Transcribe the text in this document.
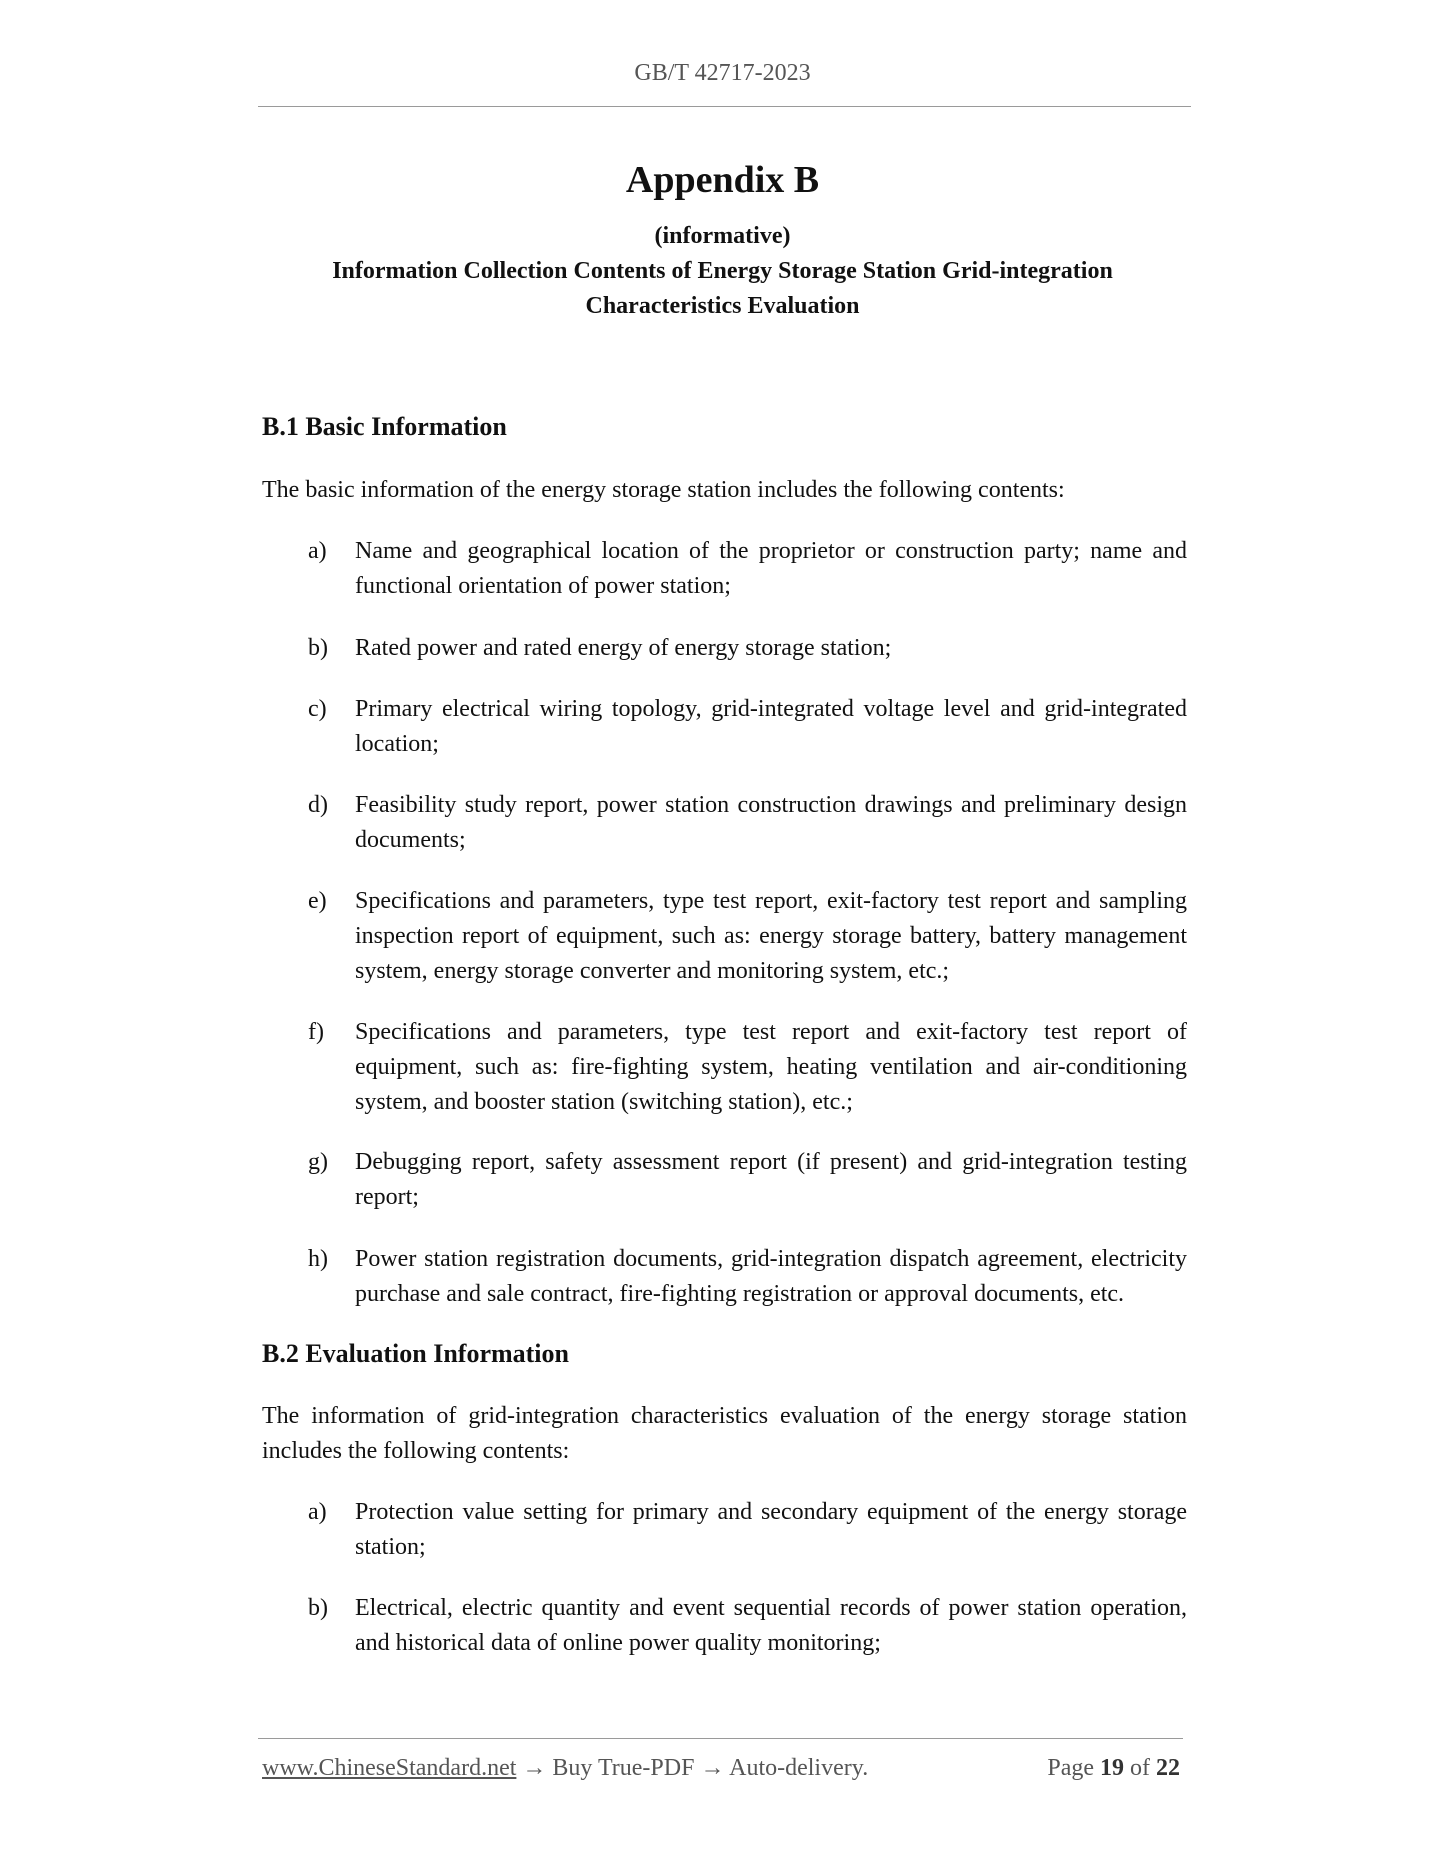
GB/T 42717-2023
Appendix B
(informative)
Information Collection Contents of Energy Storage Station Grid-integration
Characteristics Evaluation
B.1 Basic Information
The basic information of the energy storage station includes the following contents:
a) Name and geographical location of the proprietor or construction party; name and functional orientation of power station;
b) Rated power and rated energy of energy storage station;
c) Primary electrical wiring topology, grid-integrated voltage level and grid-integrated location;
d) Feasibility study report, power station construction drawings and preliminary design documents;
e) Specifications and parameters, type test report, exit-factory test report and sampling inspection report of equipment, such as: energy storage battery, battery management system, energy storage converter and monitoring system, etc.;
f) Specifications and parameters, type test report and exit-factory test report of equipment, such as: fire-fighting system, heating ventilation and air-conditioning system, and booster station (switching station), etc.;
g) Debugging report, safety assessment report (if present) and grid-integration testing report;
h) Power station registration documents, grid-integration dispatch agreement, electricity purchase and sale contract, fire-fighting registration or approval documents, etc.
B.2 Evaluation Information
The information of grid-integration characteristics evaluation of the energy storage station includes the following contents:
a) Protection value setting for primary and secondary equipment of the energy storage station;
b) Electrical, electric quantity and event sequential records of power station operation, and historical data of online power quality monitoring;
www.ChineseStandard.net → Buy True-PDF → Auto-delivery.	Page 19 of 22
